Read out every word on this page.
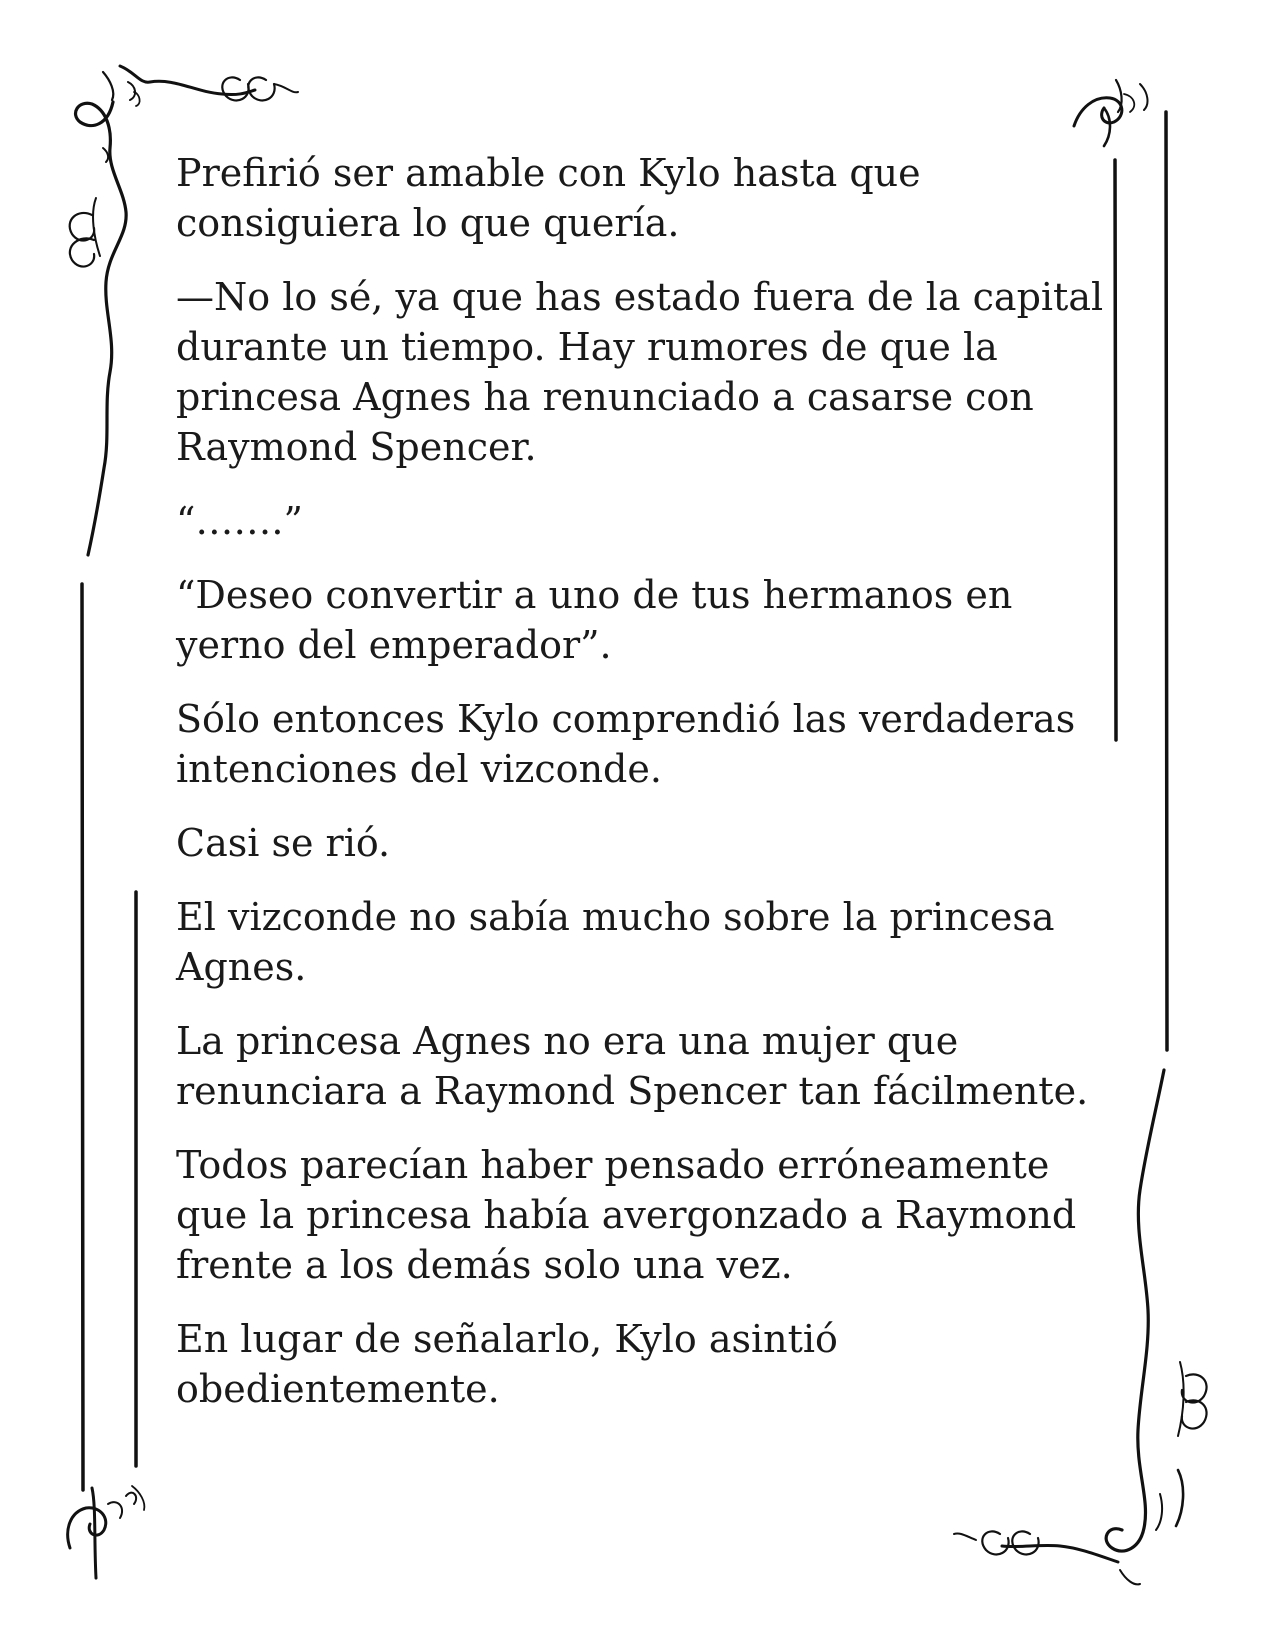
Prefirió ser amable con Kylo hasta que
consiguiera lo que quería.

—No lo sé, ya que has estado fuera de la capital
durante un tiempo. Hay rumores de que la
princesa Agnes ha renunciado a casarse con
Raymond Spencer.

“…….”

“Deseo convertir a uno de tus hermanos en
yerno del emperador”.

Sólo entonces Kylo comprendió las verdaderas
intenciones del vizconde.

Casi se rió.

El vizconde no sabía mucho sobre la princesa
Agnes.

La princesa Agnes no era una mujer que
renunciara a Raymond Spencer tan fácilmente.

Todos parecían haber pensado erróneamente
que la princesa había avergonzado a Raymond
frente a los demás solo una vez.

En lugar de señalarlo, Kylo asintió
obedientemente.
